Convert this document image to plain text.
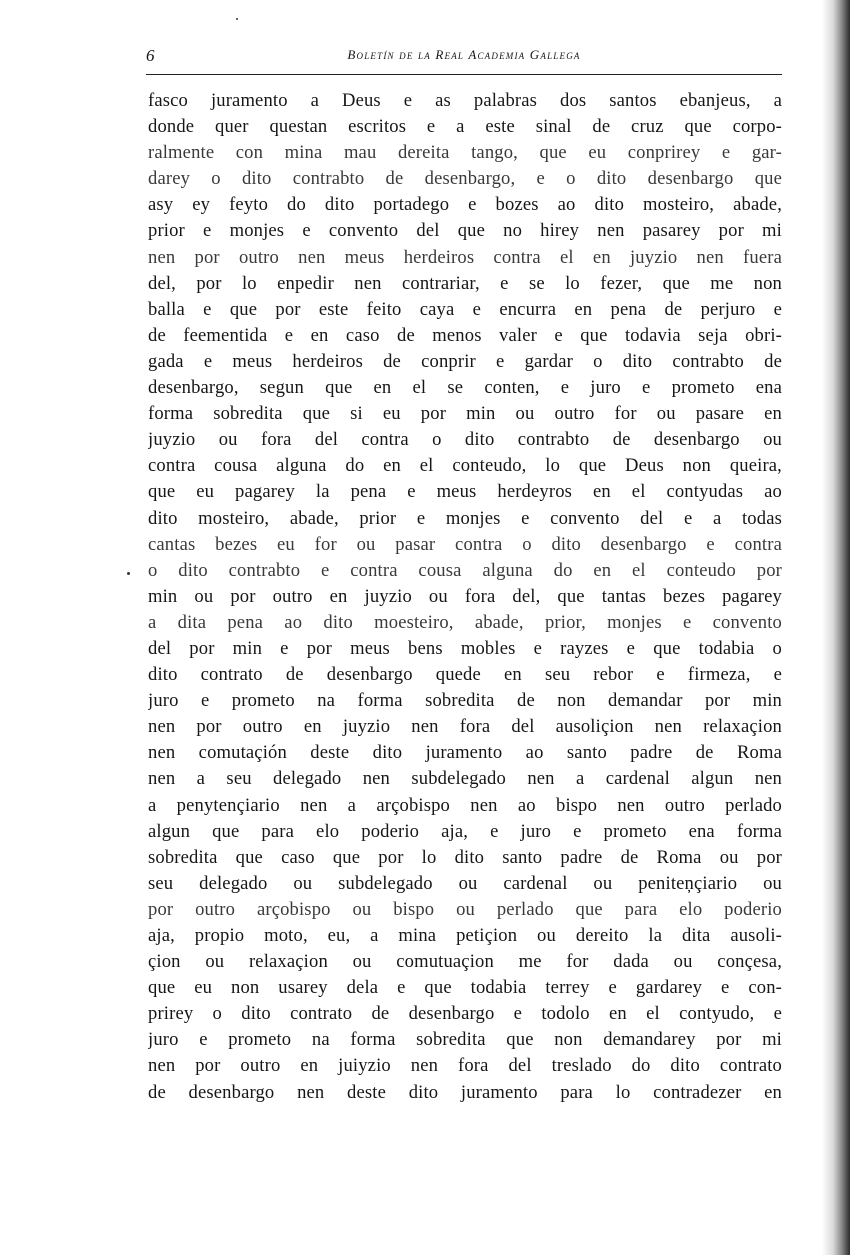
6	Boletín de la Real Academia Gallega
fasco juramento a Deus e as palabras dos santos ebanjeus, a
donde quer questan escritos e a este sinal de cruz que corpo-
ralmente con mina mau dereita tango, que eu conprirey e gar-
darey o dito contrabto de desenbargo, e o dito desenbargo que
asy ey feyto do dito portadego e bozes ao dito mosteiro, abade,
prior e monjes e convento del que no hirey nen pasarey por mi
nen por outro nen meus herdeiros contra el en juyzio nen fuera
del, por lo enpedir nen contrariar, e se lo fezer, que me non
balla e que por este feito caya e encurra en pena de perjuro e
de feementida e en caso de menos valer e que todavia seja obri-
gada e meus herdeiros de conprir e gardar o dito contrabto de
desenbargo, segun que en el se conten, e juro e prometo ena
forma sobredita que si eu por min ou outro for ou pasare en
juyzio ou fora del contra o dito contrabto de desenbargo ou
contra cousa alguna do en el conteudo, lo que Deus non queira,
que eu pagarey la pena e meus herdeyros en el contyudas ao
dito mosteiro, abade, prior e monjes e convento del e a todas
cantas bezes eu for ou pasar contra o dito desenbargo e contra
o dito contrabto e contra cousa alguna do en el conteudo por
min ou por outro en juyzio ou fora del, que tantas bezes pagarey
a dita pena ao dito moesteiro, abade, prior, monjes e convento
del por min e por meus bens mobles e rayzes e que todabia o
dito contrato de desenbargo quede en seu rebor e firmeza, e
juro e prometo na forma sobredita de non demandar por min
nen por outro en juyzio nen fora del ausoliçion nen relaxaçion
nen comutaçión deste dito juramento ao santo padre de Roma
nen a seu delegado nen subdelegado nen a cardenal algun nen
a penytençiario nen a arçobispo nen ao bispo nen outro perlado
algun que para elo poderio aja, e juro e prometo ena forma
sobredita que caso que por lo dito santo padre de Roma ou por
seu delegado ou subdelegado ou cardenal ou peniteņçiario ou
por outro arçobispo ou bispo ou perlado que para elo poderio
aja, propio moto, eu, a mina petiçion ou dereito la dita ausoli-
çion ou relaxaçion ou comutuaçion me for dada ou conçesa,
que eu non usarey dela e que todabia terrey e gardarey e con-
prirey o dito contrato de desenbargo e todolo en el contyudo, e
juro e prometo na forma sobredita que non demandarey por mi
nen por outro en juiyzio nen fora del treslado do dito contrato
de desenbargo nen deste dito juramento para lo contradezer en
